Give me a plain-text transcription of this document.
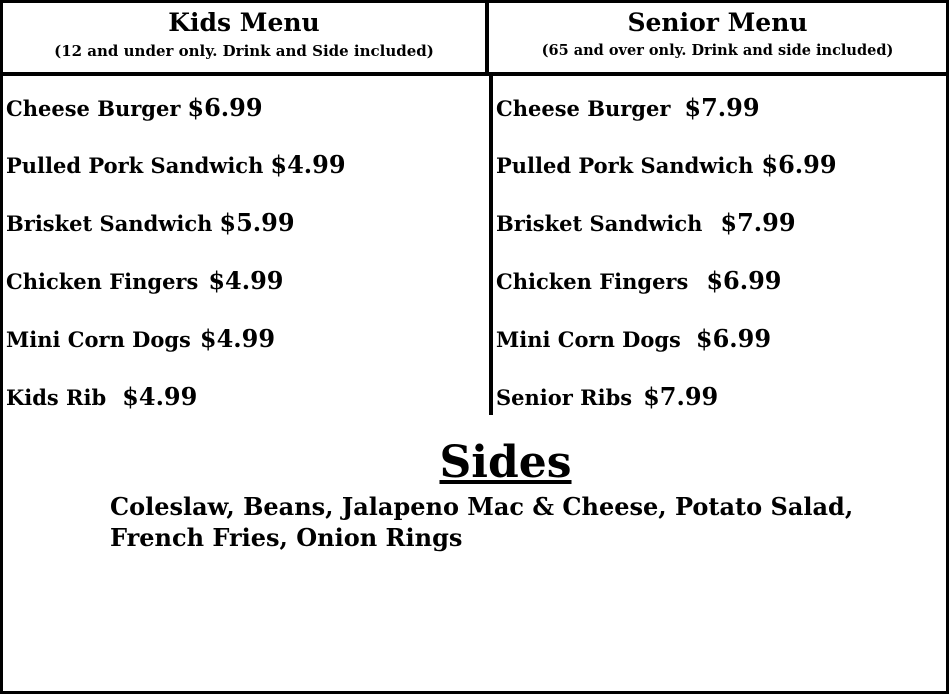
Kids Menu
(12 and under only. Drink and Side included)
Senior Menu
(65 and over only. Drink and side included)
Cheese Burger $6.99
Pulled Pork Sandwich $4.99
Brisket Sandwich $5.99
Chicken Fingers $4.99
Mini Corn Dogs $4.99
Kids Rib $4.99
Cheese Burger $7.99
Pulled Pork Sandwich $6.99
Brisket Sandwich $7.99
Chicken Fingers $6.99
Mini Corn Dogs $6.99
Senior Ribs $7.99
Sides
Coleslaw, Beans, Jalapeno Mac & Cheese, Potato Salad, French Fries, Onion Rings
